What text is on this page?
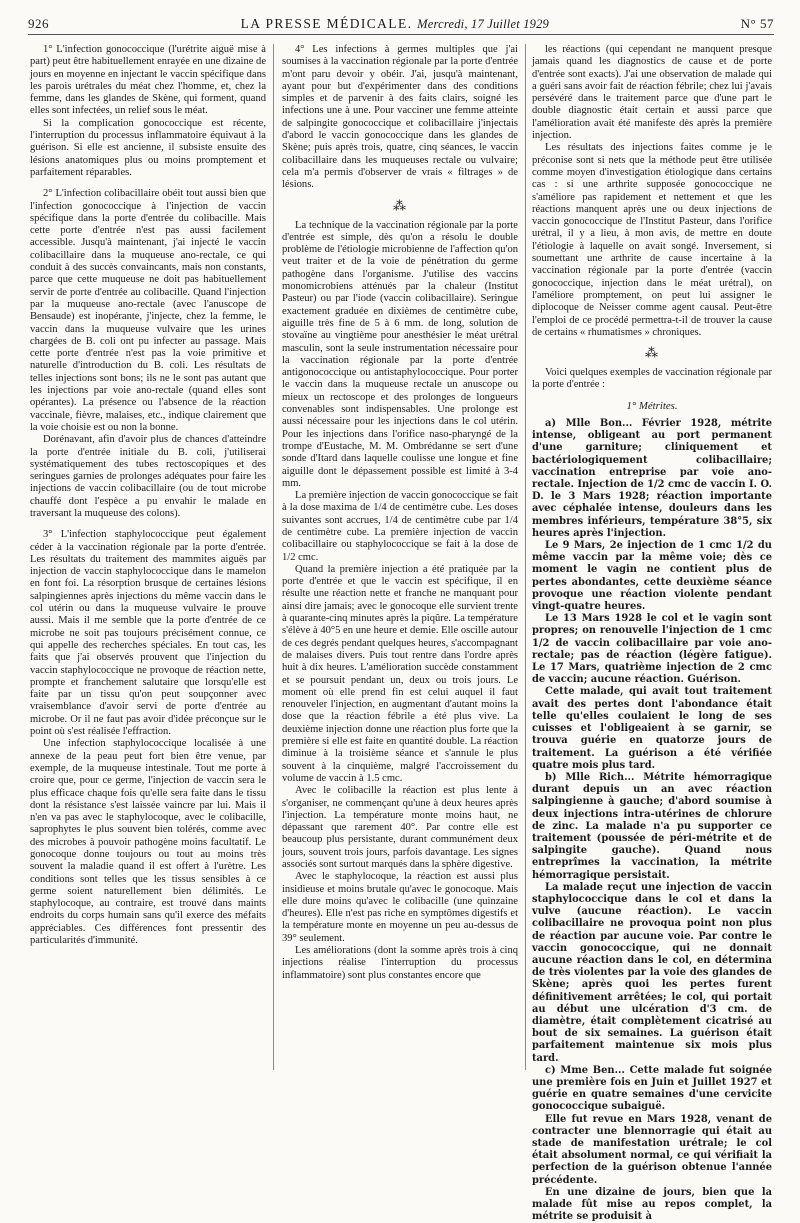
926	LA PRESSE MÉDICALE. Mercredi, 17 Juillet 1929	N° 57

1° L'infection gonococcique (l'urétrite aiguë mise à part) peut être habituellement enrayée en une dizaine de jours en moyenne en injectant le vaccin spécifique dans les parois urétrales du méat chez l'homme, et, chez la femme, dans les glandes de Skène, qui forment, quand elles sont infectées, un relief sous le méat.

Si la complication gonococcique est récente, l'interruption du processus inflammatoire équivaut à la guérison. Si elle est ancienne, il subsiste ensuite des lésions anatomiques plus ou moins promptement et parfaitement réparables.

2° L'infection colibacillaire obéit tout aussi bien que l'infection gonococcique à l'injection de vaccin spécifique dans la porte d'entrée du colibacille. Mais cette porte d'entrée n'est pas aussi facilement accessible. Jusqu'à maintenant, j'ai injecté le vaccin colibacillaire dans la muqueuse ano-rectale, ce qui conduit à des succès convaincants, mais non constants, parce que cette muqueuse ne doit pas habituellement servir de porte d'entrée au colibacille. Quand l'injection par la muqueuse ano-rectale (avec l'anuscope de Bensaude) est inopérante, j'injecte, chez la femme, le vaccin dans la muqueuse vulvaire que les urines chargées de B. coli ont pu infecter au passage. Mais cette porte d'entrée n'est pas la voie primitive et naturelle d'introduction du B. coli. Les résultats de telles injections sont bons; ils ne le sont pas autant que les injections par voie ano-rectale (quand elles sont opérantes). La présence ou l'absence de la réaction vaccinale, fièvre, malaises, etc., indique clairement que la voie choisie est ou non la bonne.

Dorénavant, afin d'avoir plus de chances d'atteindre la porte d'entrée initiale du B. coli, j'utiliserai systématiquement des tubes rectoscopiques et des seringues garnies de prolonges adéquates pour faire les injections de vaccin colibacillaire (ou de tout microbe chauffé dont l'espèce a pu envahir le malade en traversant la muqueuse des colons).

3° L'infection staphylococcique peut également céder à la vaccination régionale par la porte d'entrée. Les résultats du traitement des mammites aiguës par injection de vaccin staphylococcique dans le mamelon en font foi. La résorption brusque de certaines lésions salpingiennes après injections du même vaccin dans le col utérin ou dans la muqueuse vulvaire le prouve aussi. Mais il me semble que la porte d'entrée de ce microbe ne soit pas toujours précisément connue, ce qui appelle des recherches spéciales. En tout cas, les faits que j'ai observés prouvent que l'injection du vaccin staphylococcique ne provoque de réaction nette, prompte et franchement salutaire que lorsqu'elle est faite par un tissu qu'on peut soupçonner avec vraisemblance d'avoir servi de porte d'entrée au microbe. Or il ne faut pas avoir d'idée préconçue sur le point où s'est réalisée l'effraction.

Une infection staphylococcique localisée à une annexe de la peau peut fort bien être venue, par exemple, de la muqueuse intestinale. Tout me porte à croire que, pour ce germe, l'injection de vaccin sera le plus efficace chaque fois qu'elle sera faite dans le tissu dont la résistance s'est laissée vaincre par lui. Mais il n'en va pas avec le staphylocoque, avec le colibacille, saprophytes le plus souvent bien tolérés, comme avec des microbes à pouvoir pathogène moins facultatif. Le gonocoque donne toujours ou tout au moins très souvent la maladie quand il est offert à l'urètre. Les conditions sont telles que les tissus sensibles à ce germe soient naturellement bien délimités. Le staphylocoque, au contraire, est trouvé dans maints endroits du corps humain sans qu'il exerce des méfaits appréciables. Ces différences font pressentir des particularités d'immunité.

4° Les infections à germes multiples que j'ai soumises à la vaccination régionale par la porte d'entrée m'ont paru devoir y obéir. J'ai, jusqu'à maintenant, ayant pour but d'expérimenter dans des conditions simples et de parvenir à des faits clairs, soigné les infections une à une. Pour vacciner une femme atteinte de salpingite gonococcique et colibacillaire j'injectais d'abord le vaccin gonococcique dans les glandes de Skène; puis après trois, quatre, cinq séances, le vaccin colibacillaire dans les muqueuses rectale ou vulvaire; cela m'a permis d'observer de vrais « filtrages » de lésions.

⁂

La technique de la vaccination régionale par la porte d'entrée est simple, dès qu'on a résolu le double problème de l'étiologie microbienne de l'affection qu'on veut traiter et de la voie de pénétration du germe pathogène dans l'organisme. J'utilise des vaccins monomicrobiens atténués par la chaleur (Institut Pasteur) ou par l'iode (vaccin colibacillaire). Seringue exactement graduée en dixièmes de centimètre cube, aiguille très fine de 5 à 6 mm. de long, solution de stovaïne au vingtième pour anesthésier le méat urétral masculin, sont la seule instrumentation nécessaire pour la vaccination régionale par la porte d'entrée antigonococcique ou antistaphylococcique. Pour porter le vaccin dans la muqueuse rectale un anuscope ou mieux un rectoscope et des prolonges de longueurs convenables sont indispensables. Une prolonge est aussi nécessaire pour les injections dans le col utérin. Pour les injections dans l'orifice naso-pharyngé de la trompe d'Eustache, M. M. Ombrédanne se sert d'une sonde d'Itard dans laquelle coulisse une longue et fine aiguille dont le dépassement possible est limité à 3-4 mm.

La première injection de vaccin gonococcique se fait à la dose maxima de 1/4 de centimètre cube. Les doses suivantes sont accrues, 1/4 de centimètre cube par 1/4 de centimètre cube. La première injection de vaccin colibacillaire ou staphylococcique se fait à la dose de 1/2 cmc.

Quand la première injection a été pratiquée par la porte d'entrée et que le vaccin est spécifique, il en résulte une réaction nette et franche ne manquant pour ainsi dire jamais; avec le gonocoque elle survient trente à quarante-cinq minutes après la piqûre. La température s'élève à 40°5 en une heure et demie. Elle oscille autour de ces degrés pendant quelques heures, s'accompagnant de malaises divers. Puis tout rentre dans l'ordre après huit à dix heures. L'amélioration succède constamment et se poursuit pendant un, deux ou trois jours. Le moment où elle prend fin est celui auquel il faut renouveler l'injection, en augmentant d'autant moins la dose que la réaction fébrile a été plus vive. La deuxième injection donne une réaction plus forte que la première si elle est faite en quantité double. La réaction diminue à la troisième séance et s'annule le plus souvent à la cinquième, malgré l'accroissement du volume de vaccin à 1.5 cmc.

Avec le colibacille la réaction est plus lente à s'organiser, ne commençant qu'une à deux heures après l'injection. La température monte moins haut, ne dépassant que rarement 40°. Par contre elle est beaucoup plus persistante, durant communément deux jours, souvent trois jours, parfois davantage. Les signes associés sont surtout marqués dans la sphère digestive.

Avec le staphylocoque, la réaction est aussi plus insidieuse et moins brutale qu'avec le gonocoque. Mais elle dure moins qu'avec le colibacille (une quinzaine d'heures). Elle n'est pas riche en symptômes digestifs et la température monte en moyenne un peu au-dessus de 39° seulement.

Les améliorations (dont la somme après trois à cinq injections réalise l'interruption du processus inflammatoire) sont plus constantes encore que

les réactions (qui cependant ne manquent presque jamais quand les diagnostics de cause et de porte d'entrée sont exacts). J'ai une observation de malade qui a guéri sans avoir fait de réaction fébrile; chez lui j'avais persévéré dans le traitement parce que d'une part le double diagnostic était certain et aussi parce que l'amélioration avait été manifeste dès après la première injection.

Les résultats des injections faites comme je le préconise sont si nets que la méthode peut être utilisée comme moyen d'investigation étiologique dans certains cas : si une arthrite supposée gonococcique ne s'améliore pas rapidement et nettement et que les réactions manquent après une ou deux injections de vaccin gonococcique de l'Institut Pasteur, dans l'orifice urétral, il y a lieu, à mon avis, de mettre en doute l'étiologie à laquelle on avait songé. Inversement, si soumettant une arthrite de cause incertaine à la vaccination régionale par la porte d'entrée (vaccin gonococcique, injection dans le méat urétral), on l'améliore promptement, on peut lui assigner le diplocoque de Neisser comme agent causal. Peut-être l'emploi de ce procédé permettra-t-il de trouver la cause de certains « rhumatismes » chroniques.

⁂

Voici quelques exemples de vaccination régionale par la porte d'entrée :

1° Métrites.

a) Mlle Bon... Février 1928, métrite intense, obligeant au port permanent d'une garniture; cliniquement et bactériologiquement colibacillaire; vaccination entreprise par voie ano-rectale. Injection de 1/2 cmc de vaccin I. O. D. le 3 Mars 1928; réaction importante avec céphalée intense, douleurs dans les membres inférieurs, température 38°5, six heures après l'injection.

Le 9 Mars, 2e injection de 1 cmc 1/2 du même vaccin par la même voie; dès ce moment le vagin ne contient plus de pertes abondantes, cette deuxième séance provoque une réaction violente pendant vingt-quatre heures.

Le 13 Mars 1928 le col et le vagin sont propres; on renouvelle l'injection de 1 cmc 1/2 de vaccin colibacillaire par voie ano-rectale; pas de réaction (légère fatigue). Le 17 Mars, quatrième injection de 2 cmc de vaccin; aucune réaction. Guérison.

Cette malade, qui avait tout traitement avait des pertes dont l'abondance était telle qu'elles coulaient le long de ses cuisses et l'obligeaient à se garnir, se trouva guérie en quatorze jours de traitement. La guérison a été vérifiée quatre mois plus tard.

b) Mlle Rich... Métrite hémorragique durant depuis un an avec réaction salpingienne à gauche; d'abord soumise à deux injections intra-utérines de chlorure de zinc. La malade n'a pu supporter ce traitement (poussée de péri-métrite et de salpingite gauche). Quand nous entreprîmes la vaccination, la métrite hémorragique persistait.

La malade reçut une injection de vaccin staphylococcique dans le col et dans la vulve (aucune réaction). Le vaccin colibacillaire ne provoqua point non plus de réaction par aucune voie. Par contre le vaccin gonococcique, qui ne donnait aucune réaction dans le col, en détermina de très violentes par la voie des glandes de Skène; après quoi les pertes furent définitivement arrêtées; le col, qui portait au début une ulcération d'3 cm. de diamètre, était complètement cicatrisé au bout de six semaines. La guérison était parfaitement maintenue six mois plus tard.

c) Mme Ben... Cette malade fut soignée une première fois en Juin et Juillet 1927 et guérie en quatre semaines d'une cervicite gonococcique subaiguë.

Elle fut revue en Mars 1928, venant de contracter une blennorragie qui était au stade de manifestation urétrale; le col était absolument normal, ce qui vérifiait la perfection de la guérison obtenue l'année précédente.

En une dizaine de jours, bien que la malade fût mise au repos complet, la métrite se produisit à
